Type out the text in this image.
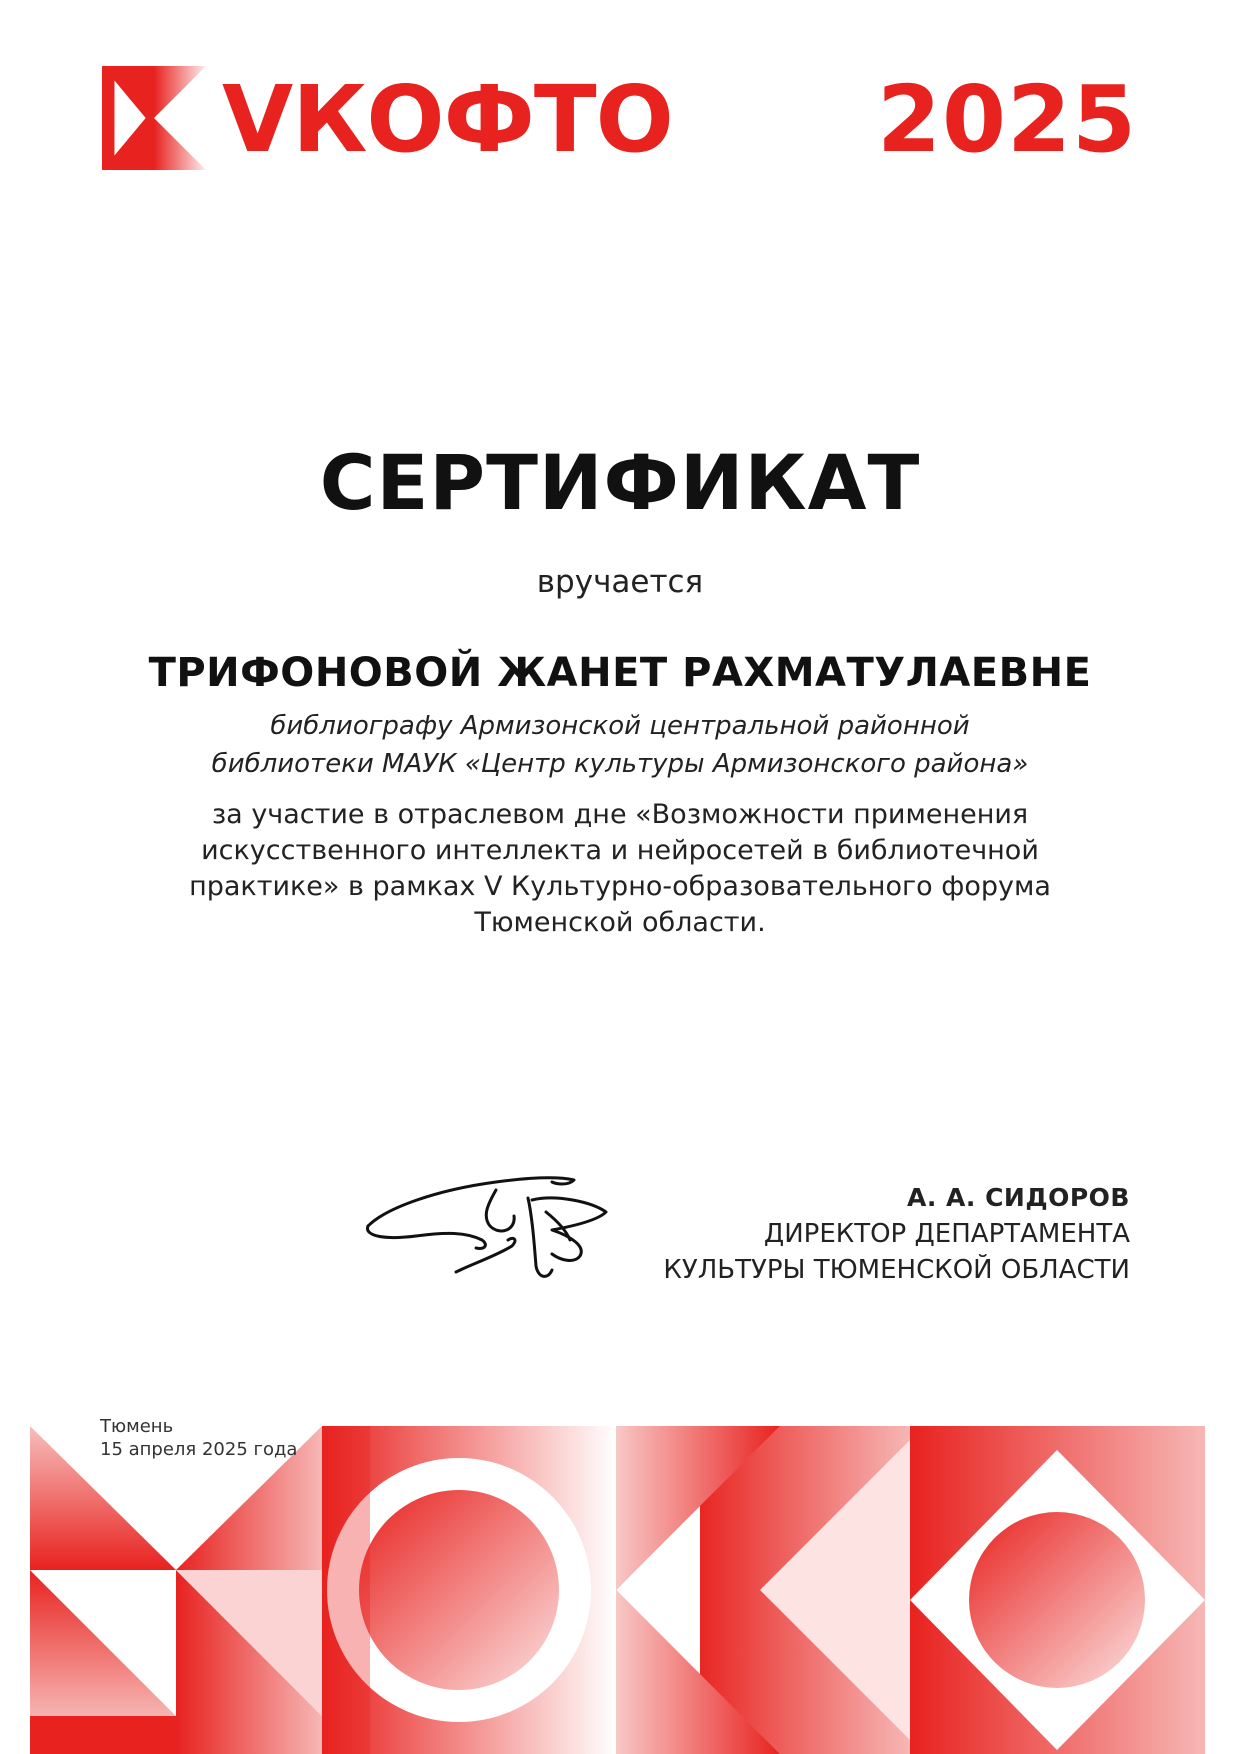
VКОФТО 2025
СЕРТИФИКАТ
вручается
ТРИФОНОВОЙ ЖАНЕТ РАХМАТУЛАЕВНЕ
библиографу Армизонской центральной районной
библиотеки МАУК «Центр культуры Армизонского района»
за участие в отраслевом дне «Возможности применения
искусственного интеллекта и нейросетей в библиотечной
практике» в рамках V Культурно-образовательного форума
Тюменской области.
А. А. СИДОРОВ
ДИРЕКТОР ДЕПАРТАМЕНТА
КУЛЬТУРЫ ТЮМЕНСКОЙ ОБЛАСТИ
Тюмень
15 апреля 2025 года
